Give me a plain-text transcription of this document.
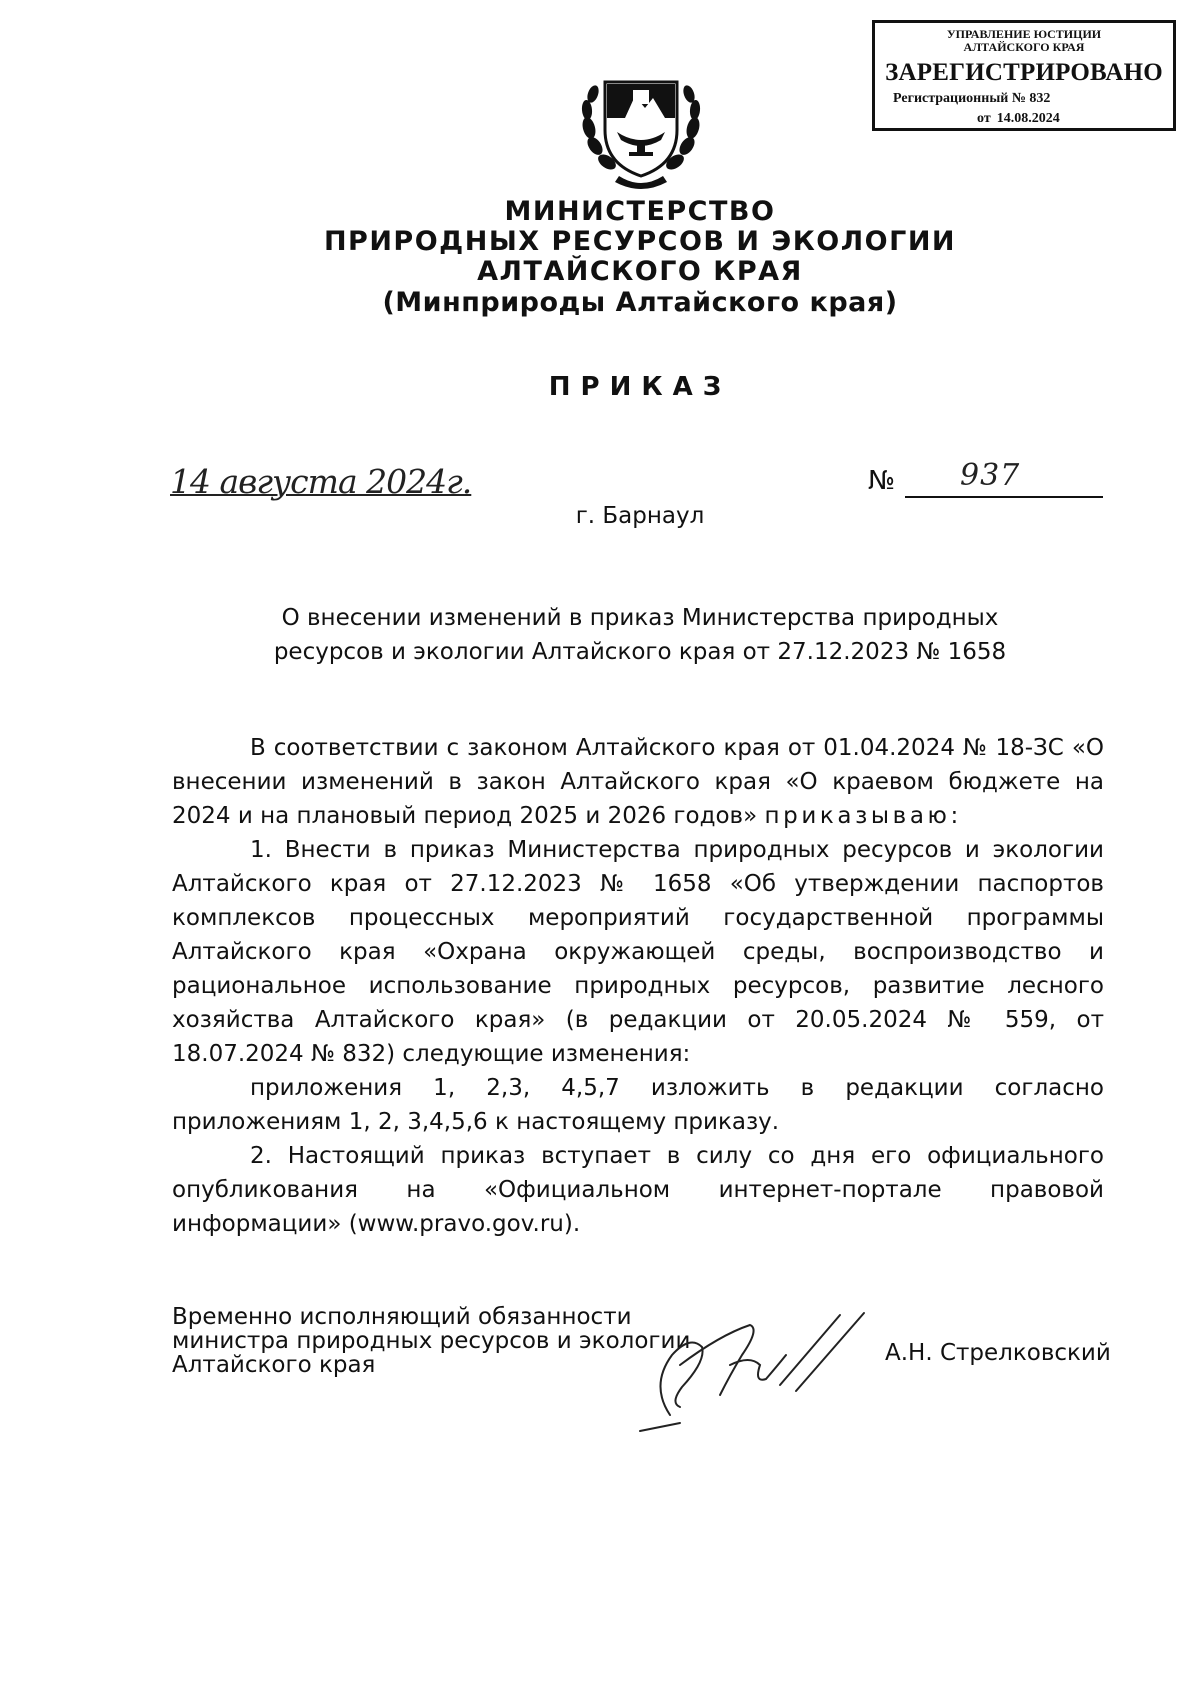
УПРАВЛЕНИЕ ЮСТИЦИИ АЛТАЙСКОГО КРАЯ
ЗАРЕГИСТРИРОВАНО
Регистрационный № 832
от 14.08.2024
МИНИСТЕРСТВО
ПРИРОДНЫХ РЕСУРСОВ И ЭКОЛОГИИ
АЛТАЙСКОГО КРАЯ
(Минприроды Алтайского края)
ПРИКАЗ
14 августа 2024г.	№ 937
г. Барнаул
О внесении изменений в приказ Министерства природных
ресурсов и экологии Алтайского края от 27.12.2023 № 1658

В соответствии с законом Алтайского края от 01.04.2024 № 18-ЗС «О внесении изменений в закон Алтайского края «О краевом бюджете на 2024 и на плановый период 2025 и 2026 годов» приказываю:

1. Внести в приказ Министерства природных ресурсов и экологии Алтайского края от 27.12.2023 № 1658 «Об утверждении паспортов комплексов процессных мероприятий государственной программы Алтайского края «Охрана окружающей среды, воспроизводство и рациональное использование природных ресурсов, развитие лесного хозяйства Алтайского края» (в редакции от 20.05.2024 № 559, от 18.07.2024 № 832) следующие изменения:

приложения 1, 2,3, 4,5,7 изложить в редакции согласно приложениям 1, 2, 3,4,5,6 к настоящему приказу.

2. Настоящий приказ вступает в силу со дня его официального опубликования на «Официальном интернет-портале правовой информации» (www.pravo.gov.ru).

Временно исполняющий обязанности
министра природных ресурсов и экологии
Алтайского края	А.Н. Стрелковский
